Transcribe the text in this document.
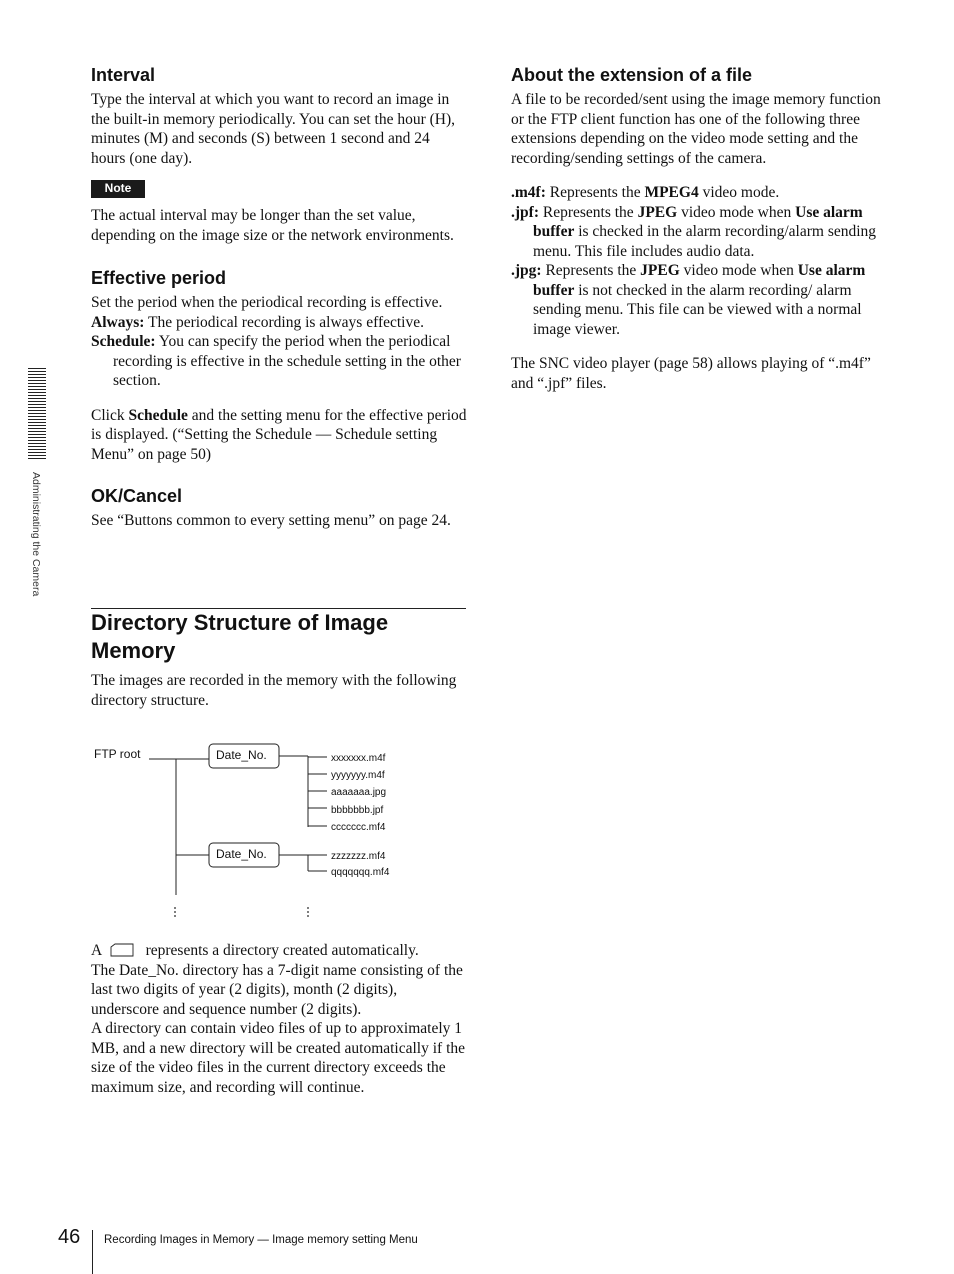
Administrating the Camera
Interval

Type the interval at which you want to record an image in the built-in memory periodically. You can set the hour (H), minutes (M) and seconds (S) between 1 second and 24 hours (one day).

Note

The actual interval may be longer than the set value, depending on the image size or the network environments.

Effective period

Set the period when the periodical recording is effective.

Always: The periodical recording is always effective.

Schedule: You can specify the period when the periodical recording is effective in the schedule setting in the other section.

Click Schedule and the setting menu for the effective period is displayed. (“Setting the Schedule — Schedule setting Menu” on page 50)

OK/Cancel

See “Buttons common to every setting menu” on page 24.

Directory Structure of Image Memory

The images are recorded in the memory with the following directory structure.

FTP root	Date_No.
Date_No.
xxxxxxx.m4f
yyyyyyy.m4f
aaaaaaa.jpg
bbbbbbb.jpf
ccccccc.mf4
zzzzzzz.mf4
qqqqqqq.mf4

A	represents a directory created automatically.

The Date_No. directory has a 7-digit name consisting of the last two digits of year (2 digits), month (2 digits), underscore and sequence number (2 digits).

A directory can contain video files of up to approximately 1 MB, and a new directory will be created automatically if the size of the video files in the current directory exceeds the maximum size, and recording will continue.

About the extension of a file

A file to be recorded/sent using the image memory function or the FTP client function has one of the following three extensions depending on the video mode setting and the recording/sending settings of the camera.

.m4f: Represents the MPEG4 video mode.

.jpf: Represents the JPEG video mode when Use alarm buffer is checked in the alarm recording/alarm sending menu. This file includes audio data.

.jpg: Represents the JPEG video mode when Use alarm buffer is not checked in the alarm recording/ alarm sending menu. This file can be viewed with a normal image viewer.

The SNC video player (page 58) allows playing of “.m4f” and “.jpf” files.

46 Recording Images in Memory — Image memory setting Menu
